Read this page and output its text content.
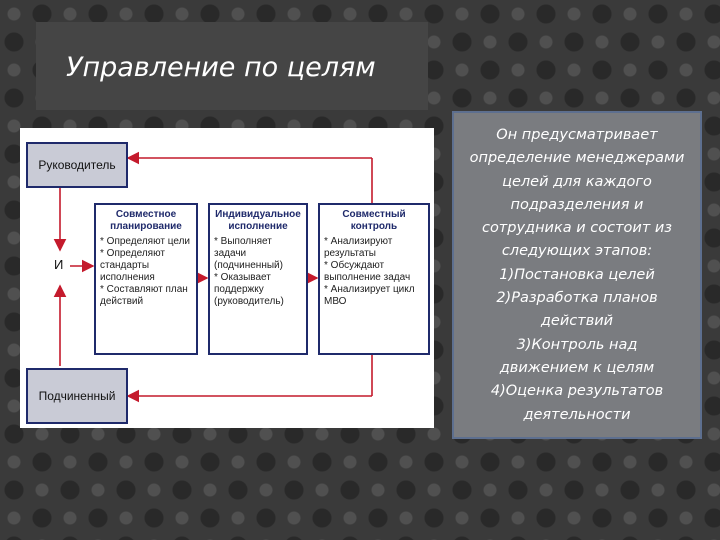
Управление по целям
Руководитель
Подчиненный
И
Совместное планирование
* Определяют цели
* Определяют стандарты исполнения
* Составляют план действий
Индивидуальное исполнение
* Выполняет задачи (подчиненный)
* Оказывает поддержку (руководитель)
Совместный контроль
* Анализируют результаты
* Обсуждают выполнение задач
* Анализирует цикл МВО

Он предусматривает
определение менеджерами
целей для каждого
подразделения и
сотрудника и состоит из
следующих этапов:
1)Постановка целей
2)Разработка планов
действий
3)Контроль над
движением к целям
4)Оценка результатов
деятельности
